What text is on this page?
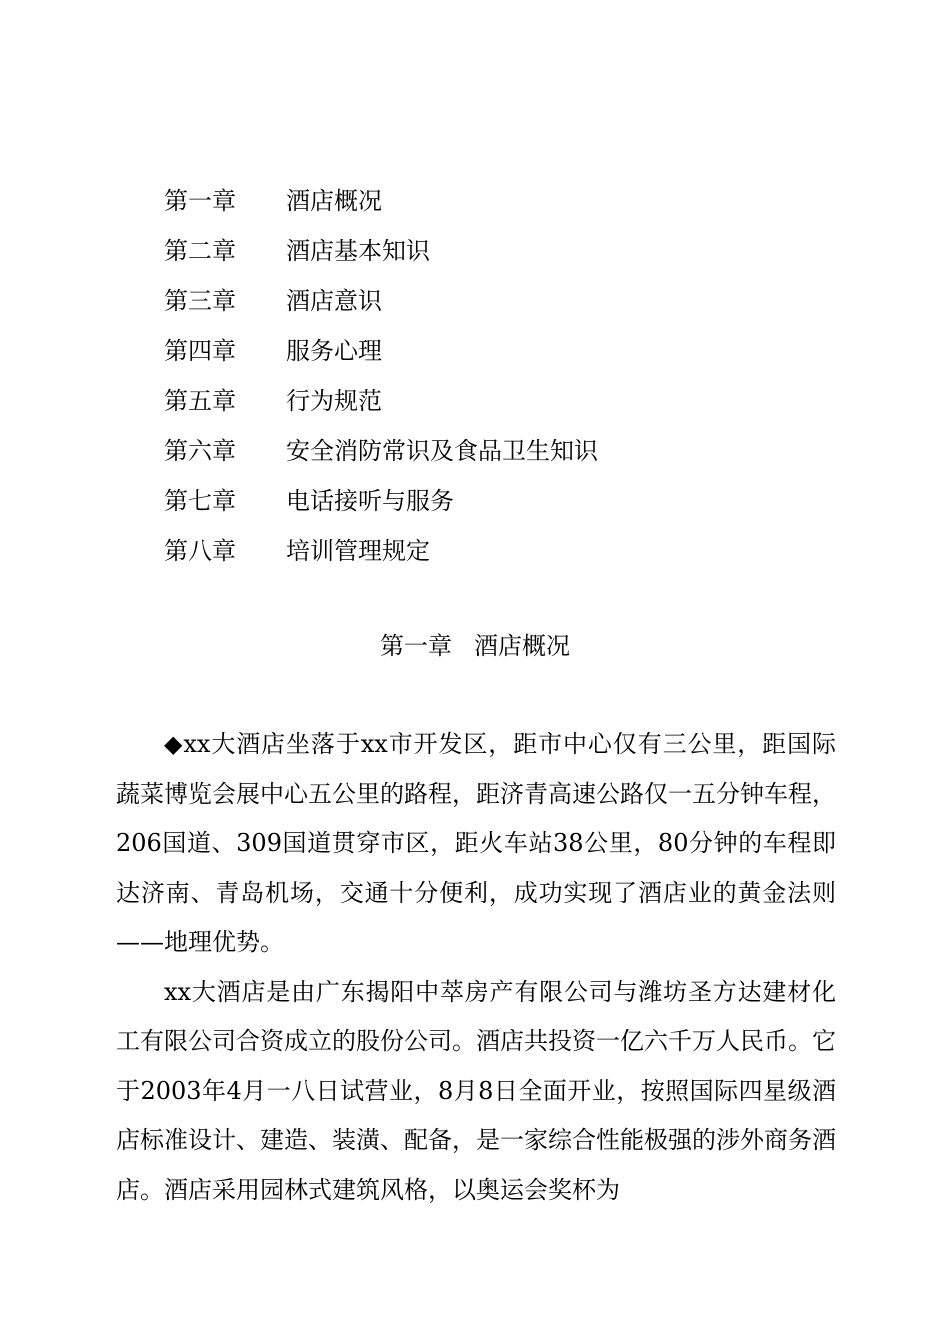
第一章	酒店概况
第二章	酒店基本知识
第三章	酒店意识
第四章	服务心理
第五章	行为规范
第六章	安全消防常识及食品卫生知识
第七章	电话接听与服务
第八章	培训管理规定
第一章 酒店概况

◆xx大酒店坐落于xx市开发区，距市中心仅有三公里，距国际蔬菜博览会展中心五公里的路程，距济青高速公路仅一五分钟车程，206国道、309国道贯穿市区，距火车站38公里，80分钟的车程即达济南、青岛机场，交通十分便利，成功实现了酒店业的黄金法则——地理优势。

xx大酒店是由广东揭阳中萃房产有限公司与潍坊圣方达建材化工有限公司合资成立的股份公司。酒店共投资一亿六千万人民币。它于2003年4月一八日试营业，8月8日全面开业，按照国际四星级酒店标准设计、建造、装潢、配备，是一家综合性能极强的涉外商务酒店。酒店采用园林式建筑风格，以奥运会奖杯为
